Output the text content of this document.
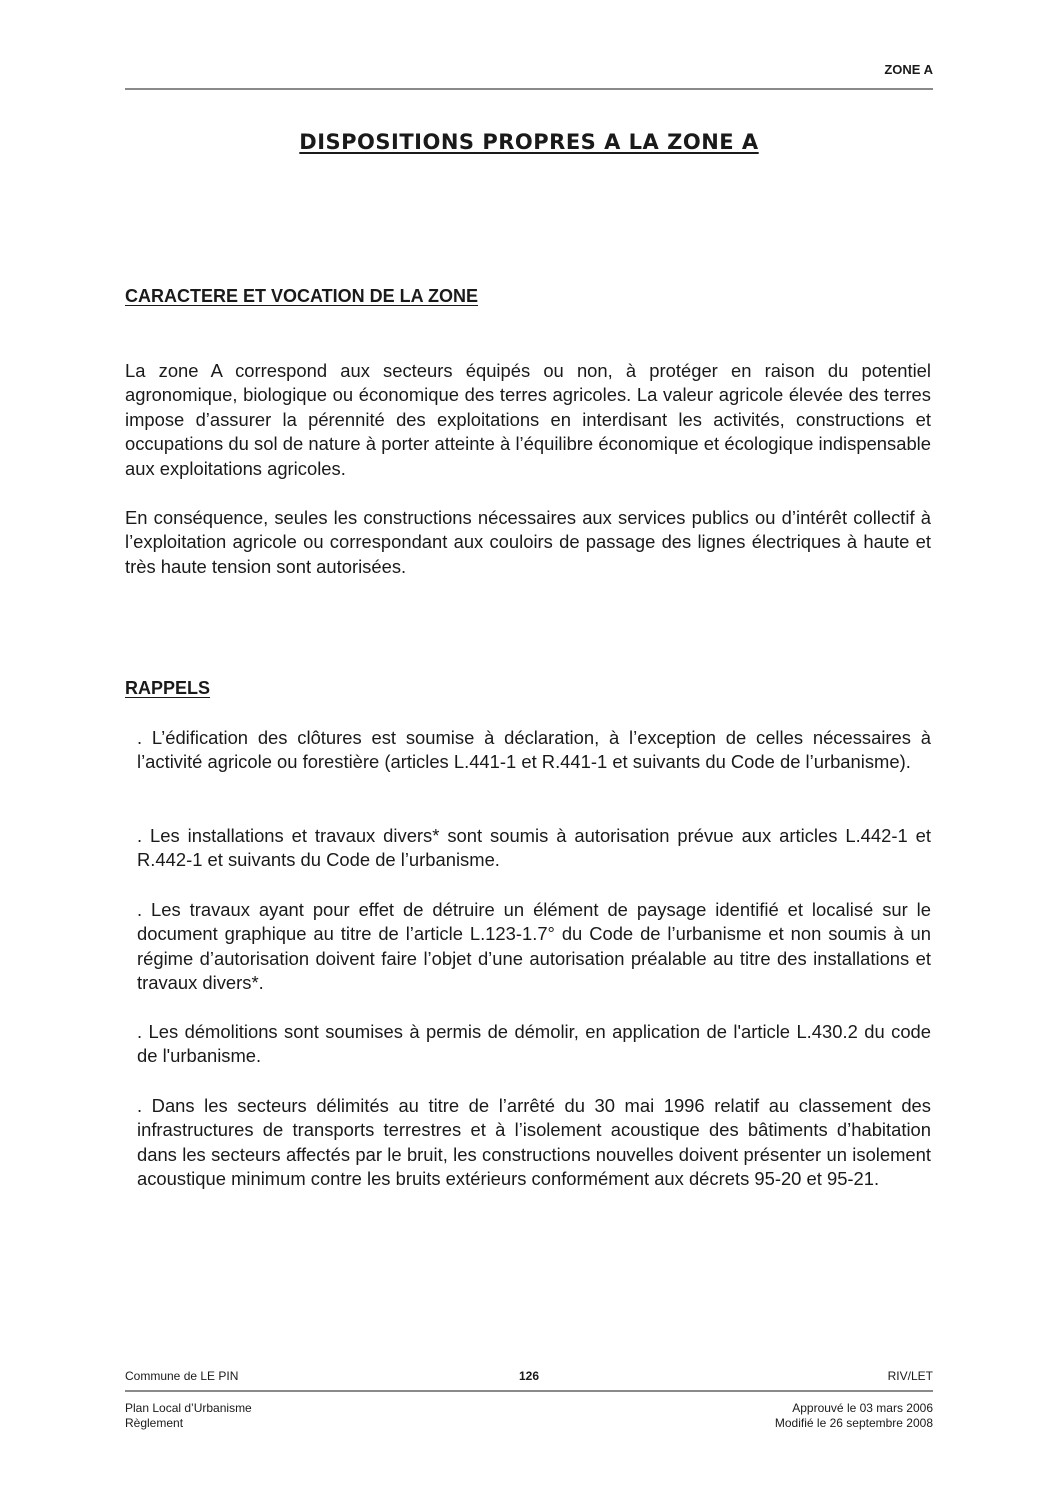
ZONE A
DISPOSITIONS PROPRES A LA ZONE A
CARACTERE ET VOCATION DE LA ZONE

La zone A correspond aux secteurs équipés ou non, à protéger en raison du potentiel agronomique, biologique ou économique des terres agricoles. La valeur agricole élevée des terres impose d’assurer la pérennité des exploitations en interdisant les activités, constructions et occupations du sol de nature à porter atteinte à l’équilibre économique et écologique indispensable aux exploitations agricoles.

En conséquence, seules les constructions nécessaires aux services publics ou d’intérêt collectif à l’exploitation agricole ou correspondant aux couloirs de passage des lignes électriques à haute et très haute tension sont autorisées.

RAPPELS

. L’édification des clôtures est soumise à déclaration, à l’exception de celles nécessaires à l’activité agricole ou forestière (articles L.441-1 et R.441-1 et suivants du Code de l’urbanisme).

. Les installations et travaux divers* sont soumis à autorisation prévue aux articles L.442-1 et R.442-1 et suivants du Code de l’urbanisme.

. Les travaux ayant pour effet de détruire un élément de paysage identifié et localisé sur le document graphique au titre de l’article L.123-1.7° du Code de l’urbanisme et non soumis à un régime d’autorisation doivent faire l’objet d’une autorisation préalable au titre des installations et travaux divers*.

. Les démolitions sont soumises à permis de démolir, en application de l'article L.430.2 du code de l'urbanisme.

. Dans les secteurs délimités au titre de l’arrêté du 30 mai 1996 relatif au classement des infrastructures de transports terrestres et à l’isolement acoustique des bâtiments d’habitation dans les secteurs affectés par le bruit, les constructions nouvelles doivent présenter un isolement acoustique minimum contre les bruits extérieurs conformément aux décrets 95-20 et 95-21.

Commune de LE PIN	126	RIV/LET
Plan Local d’Urbanisme
Règlement
Approuvé le 03 mars 2006
Modifié le 26 septembre 2008
